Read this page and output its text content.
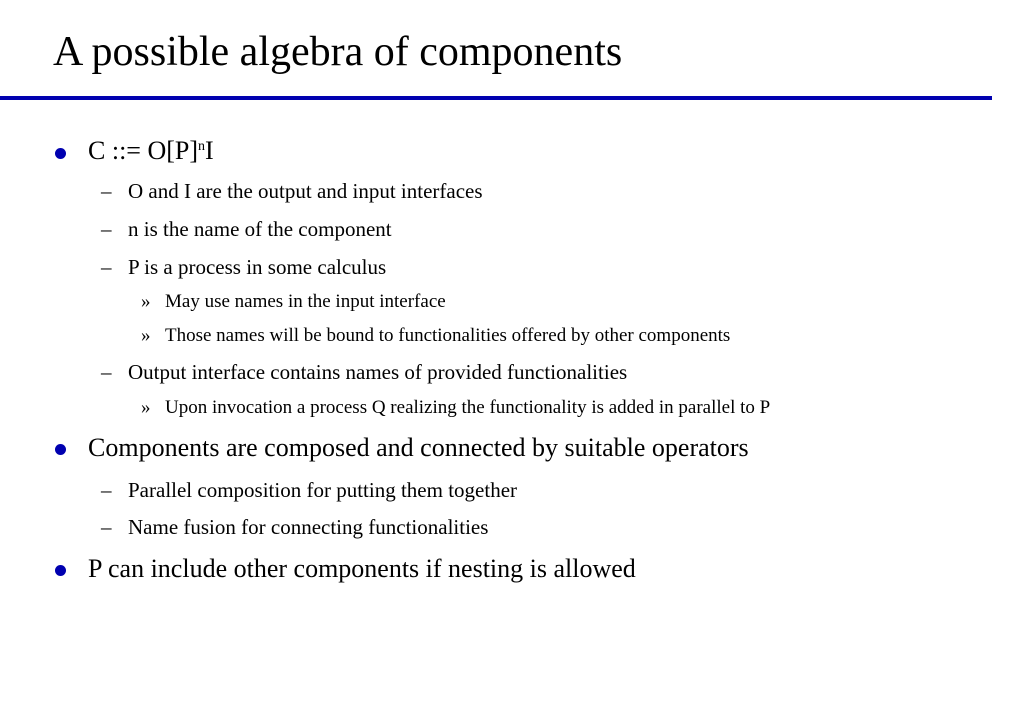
A possible algebra of components
C ::= $O[P]^nI$
– O and I are the output and input interfaces
– n is the name of the component
– P is a process in some calculus
» May use names in the input interface
» Those names will be bound to functionalities offered by other components
– Output interface contains names of provided functionalities
» Upon invocation a process Q realizing the functionality is added in parallel to P
Components are composed and connected by suitable operators
– Parallel composition for putting them together
– Name fusion for connecting functionalities
P can include other components if nesting is allowed
